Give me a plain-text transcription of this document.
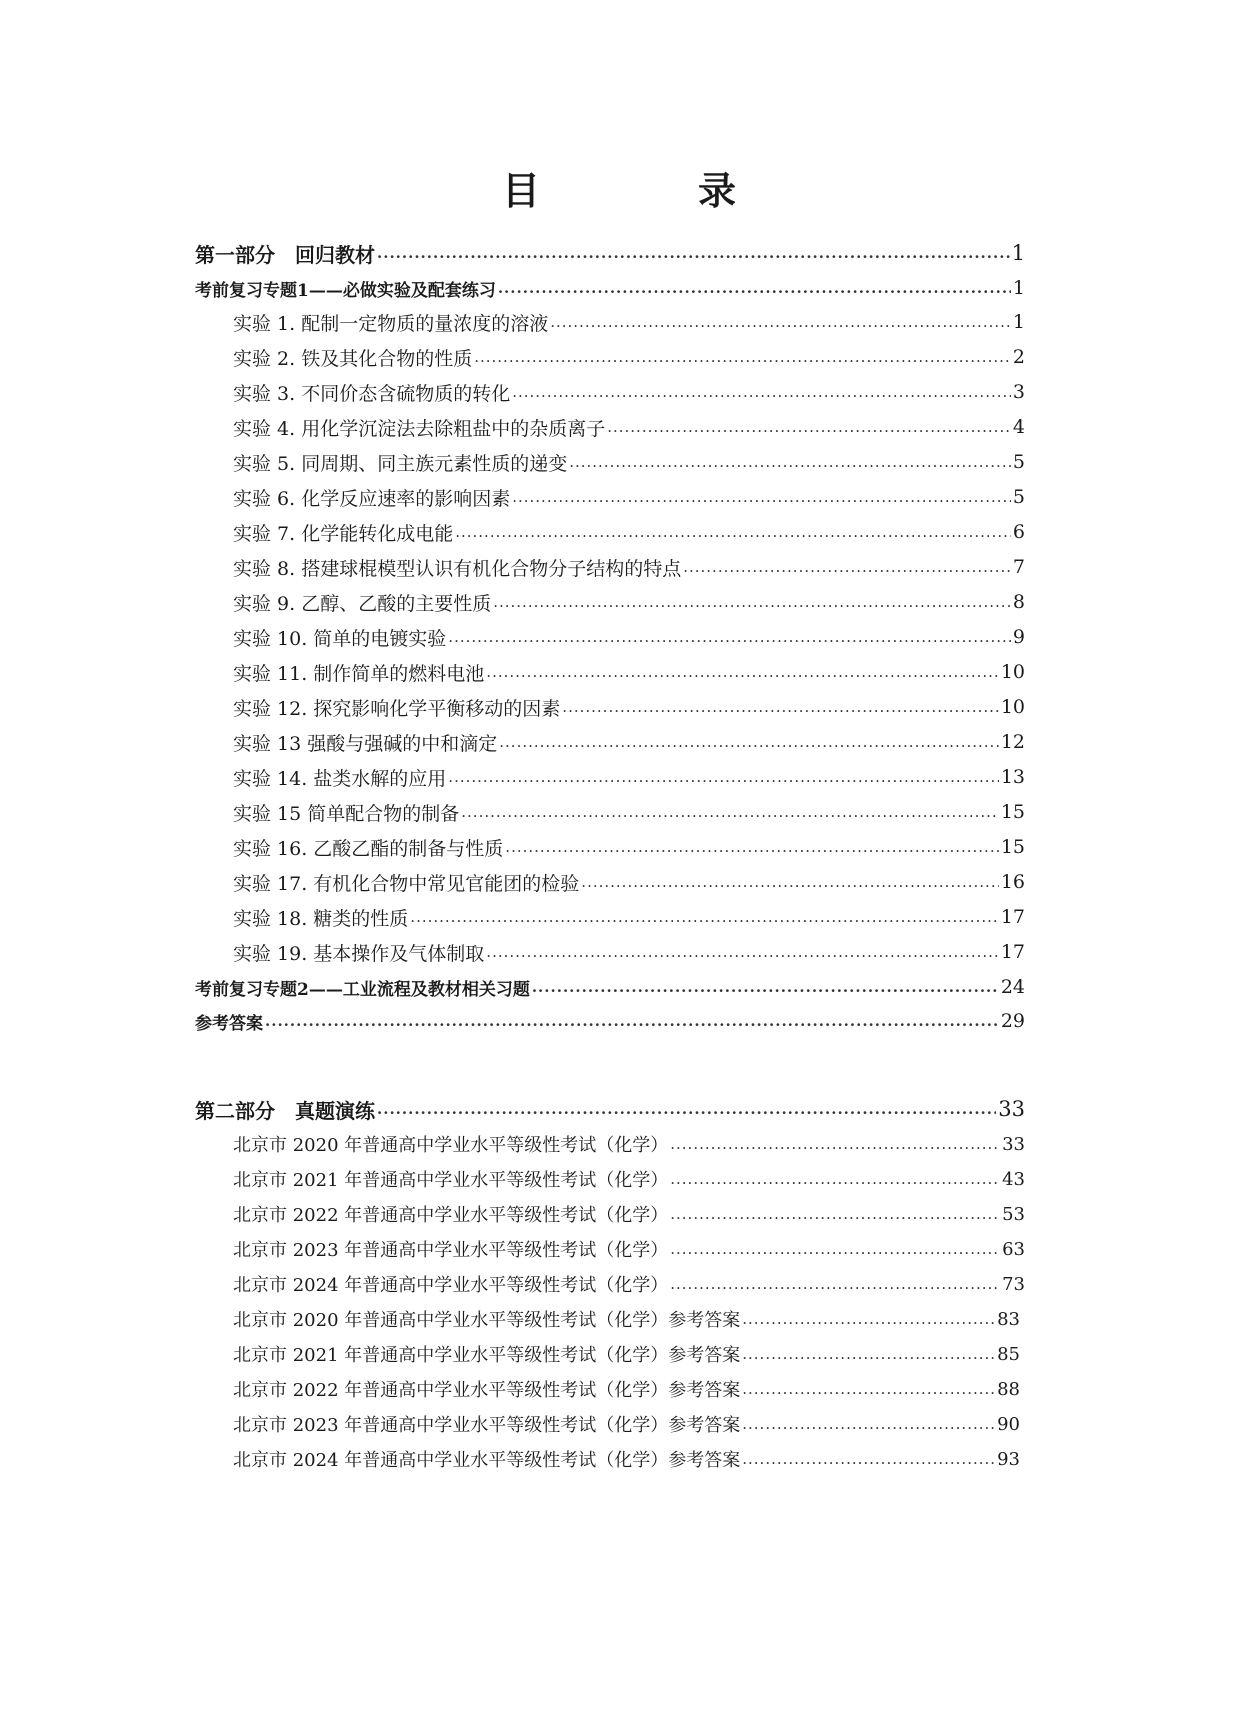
目　录
第一部分　回归教材 .....	1
考前复习专题1——必做实验及配套练习 .....	1
实验 1. 配制一定物质的量浓度的溶液 .....	1
实验 2. 铁及其化合物的性质 .....	2
实验 3. 不同价态含硫物质的转化 .....	3
实验 4. 用化学沉淀法去除粗盐中的杂质离子 .....	4
实验 5. 同周期、同主族元素性质的递变 .....	5
实验 6. 化学反应速率的影响因素 .....	5
实验 7. 化学能转化成电能 .....	6
实验 8. 搭建球棍模型认识有机化合物分子结构的特点 .....	7
实验 9. 乙醇、乙酸的主要性质 .....	8
实验 10. 简单的电镀实验 .....	9
实验 11. 制作简单的燃料电池 .....	10
实验 12. 探究影响化学平衡移动的因素 .....	10
实验 13 强酸与强碱的中和滴定 .....	12
实验 14. 盐类水解的应用 .....	13
实验 15 简单配合物的制备 .....	15
实验 16. 乙酸乙酯的制备与性质 .....	15
实验 17. 有机化合物中常见官能团的检验 .....	16
实验 18. 糖类的性质 .....	17
实验 19. 基本操作及气体制取 .....	17
考前复习专题2——工业流程及教材相关习题 .....	24
参考答案 .....	29
第二部分　真题演练 .....	33
北京市 2020 年普通高中学业水平等级性考试（化学） .....	33
北京市 2021 年普通高中学业水平等级性考试（化学） .....	43
北京市 2022 年普通高中学业水平等级性考试（化学） .....	53
北京市 2023 年普通高中学业水平等级性考试（化学） .....	63
北京市 2024 年普通高中学业水平等级性考试（化学） .....	73
北京市 2020 年普通高中学业水平等级性考试（化学）参考答案 .....	83
北京市 2021 年普通高中学业水平等级性考试（化学）参考答案 .....	85
北京市 2022 年普通高中学业水平等级性考试（化学）参考答案 .....	88
北京市 2023 年普通高中学业水平等级性考试（化学）参考答案 .....	90
北京市 2024 年普通高中学业水平等级性考试（化学）参考答案 .....	93
